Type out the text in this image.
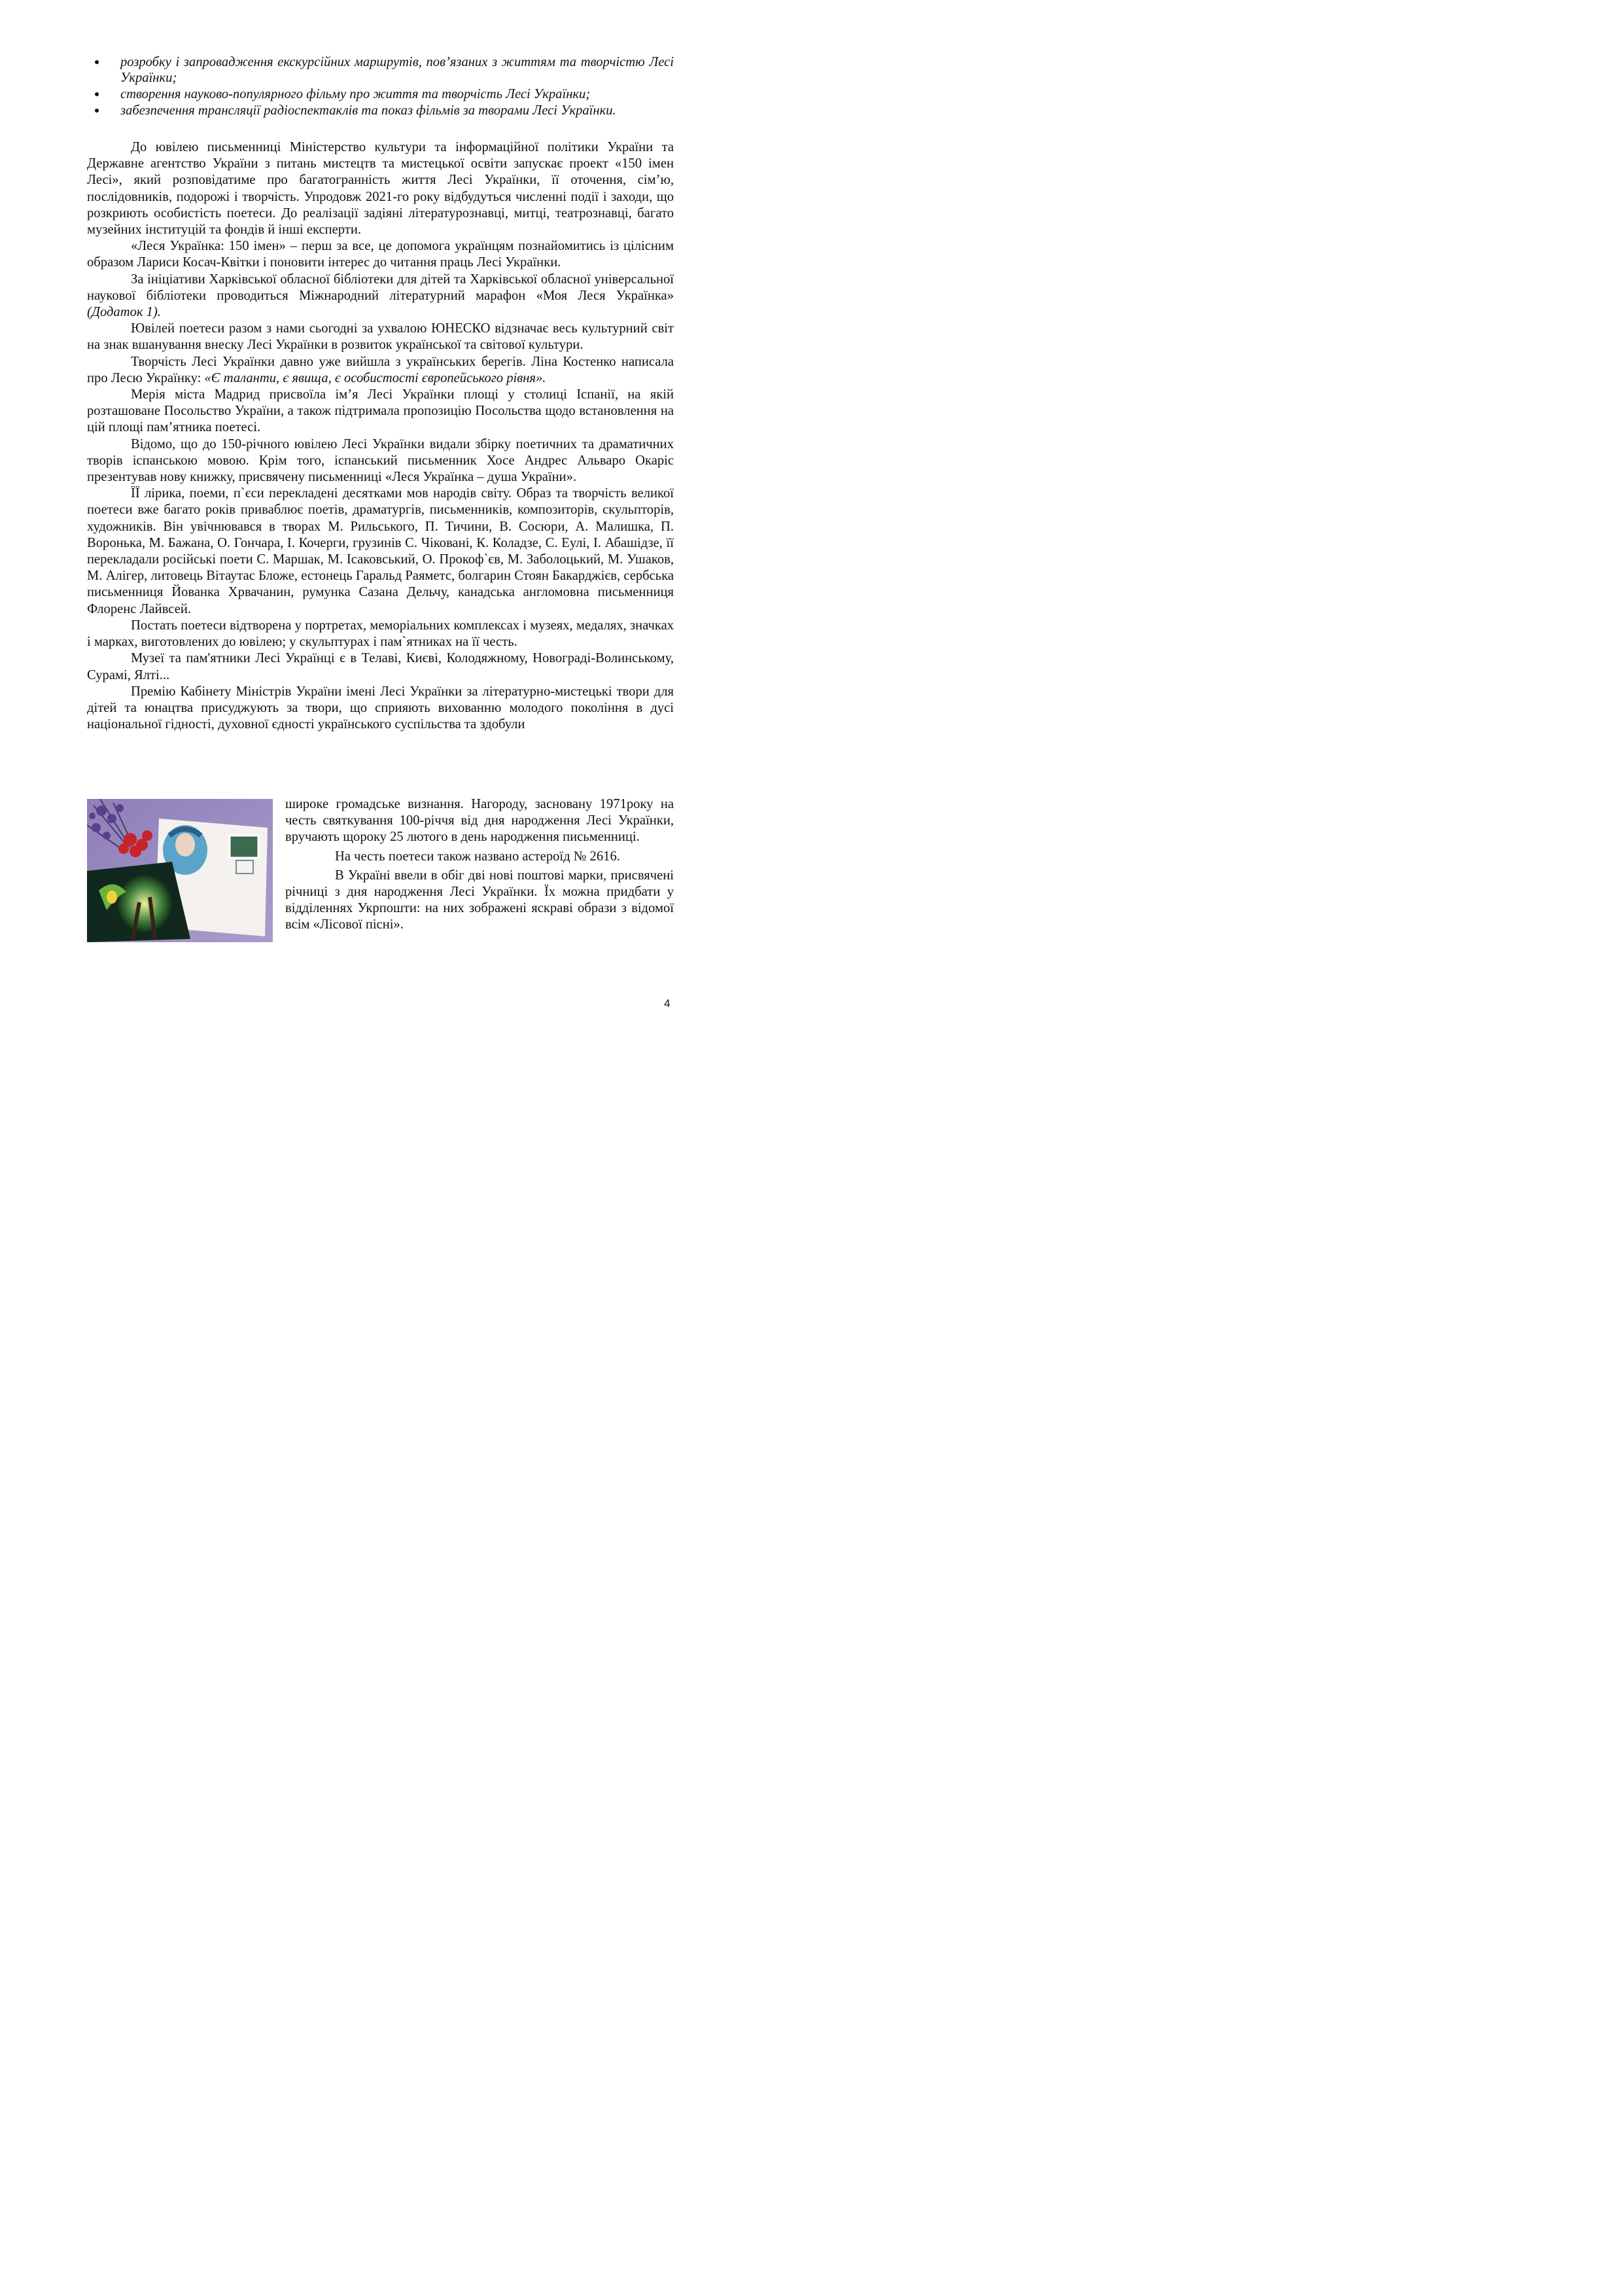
розробку і запровадження екскурсійних маршрутів, пов’язаних з життям та творчістю Лесі Українки;
створення науково-популярного фільму про життя та творчість Лесі Українки;
забезпечення трансляції радіоспектаклів та показ фільмів за творами Лесі Українки.

До ювілею письменниці Міністерство культури та інформаційної політики України та Державне агентство України з питань мистецтв та мистецької освіти запускає проект «150 імен Лесі», який розповідатиме про багатогранність життя Лесі Українки, її оточення, сім’ю, послідовників, подорожі і творчість. Упродовж 2021-го року відбудуться численні події і заходи, що розкриють особистість поетеси. До реалізації задіяні літературознавці, митці, театрознавці, багато музейних інституцій та фондів й інші експерти.

«Леся Українка: 150 імен» – перш за все, це допомога українцям познайомитись із цілісним образом Лариси Косач-Квітки і поновити інтерес до читання праць Лесі Українки.

За ініціативи Харківської обласної бібліотеки для дітей та Харківської обласної універсальної наукової бібліотеки проводиться Міжнародний літературний марафон «Моя Леся Українка» (Додаток 1).

Ювілей поетеси разом з нами сьогодні за ухвалою ЮНЕСКО відзначає весь культурний світ на знак вшанування внеску Лесі Українки в розвиток української та світової культури.

Творчість Лесі Українки давно уже вийшла з українських берегів. Ліна Костенко написала про Лесю Українку: «Є таланти, є явища, є особистості європейського рівня».

Мерія міста Мадрид присвоїла ім’я Лесі Українки площі у столиці Іспанії, на якій розташоване Посольство України, а також підтримала пропозицію Посольства щодо встановлення на цій площі пам’ятника поетесі.

Відомо, що до 150-річного ювілею Лесі Українки видали збірку поетичних та драматичних творів іспанською мовою. Крім того, іспанський письменник Хосе Андрес Альваро Окаріс презентував нову книжку, присвячену письменниці «Леся Українка – душа України».

ЇЇ лірика, поеми, п`єси перекладені десятками мов народів світу. Образ та творчість великої поетеси вже багато років приваблює поетів, драматургів, письменників, композиторів, скульпторів, художників. Він увічнювався в творах М. Рильського, П. Тичини, В. Сосюри, А. Малишка, П. Воронька, М. Бажана, О. Гончара, І. Кочерги, грузинів С. Чіковані, К. Коладзе, С. Еулі, І. Абашідзе, її перекладали російські поети С. Маршак, М. Ісаковський, О. Прокоф`єв, М. Заболоцький, М. Ушаков, М. Алігер, литовець Вітаутас Бложе, естонець Гаральд Раяметс, болгарин Стоян Бакарджієв, сербська письменниця Йованка Хрвачанин, румунка Сазана Дельчу, канадська англомовна письменниця Флоренс Лайвсей.

Постать поетеси відтворена у портретах, меморіальних комплексах і музеях, медалях, значках і марках, виготовлених до ювілею; у скульптурах і пам`ятниках на її честь.

Музеї та пам'ятники Лесі Українці є в Телаві, Києві, Колодяжному, Новограді-Волинському, Сурамі, Ялті...

Премію Кабінету Міністрів України імені Лесі Українки за літературно-мистецькі твори для дітей та юнацтва присуджують за твори, що сприяють вихованню молодого покоління в дусі національної гідності, духовної єдності українського суспільства та здобули

широке громадське визнання. Нагороду, засновану 1971року на честь святкування 100-річчя від дня народження Лесі Українки, вручають щороку 25 лютого в день народження письменниці.

На честь поетеси також названо астероїд № 2616.

В Україні ввели в обіг дві нові поштові марки, присвячені річниці з дня народження Лесі Українки. Їх можна придбати у відділеннях Укрпошти: на них зображені яскраві образи з відомої всім «Лісової пісні».

4
